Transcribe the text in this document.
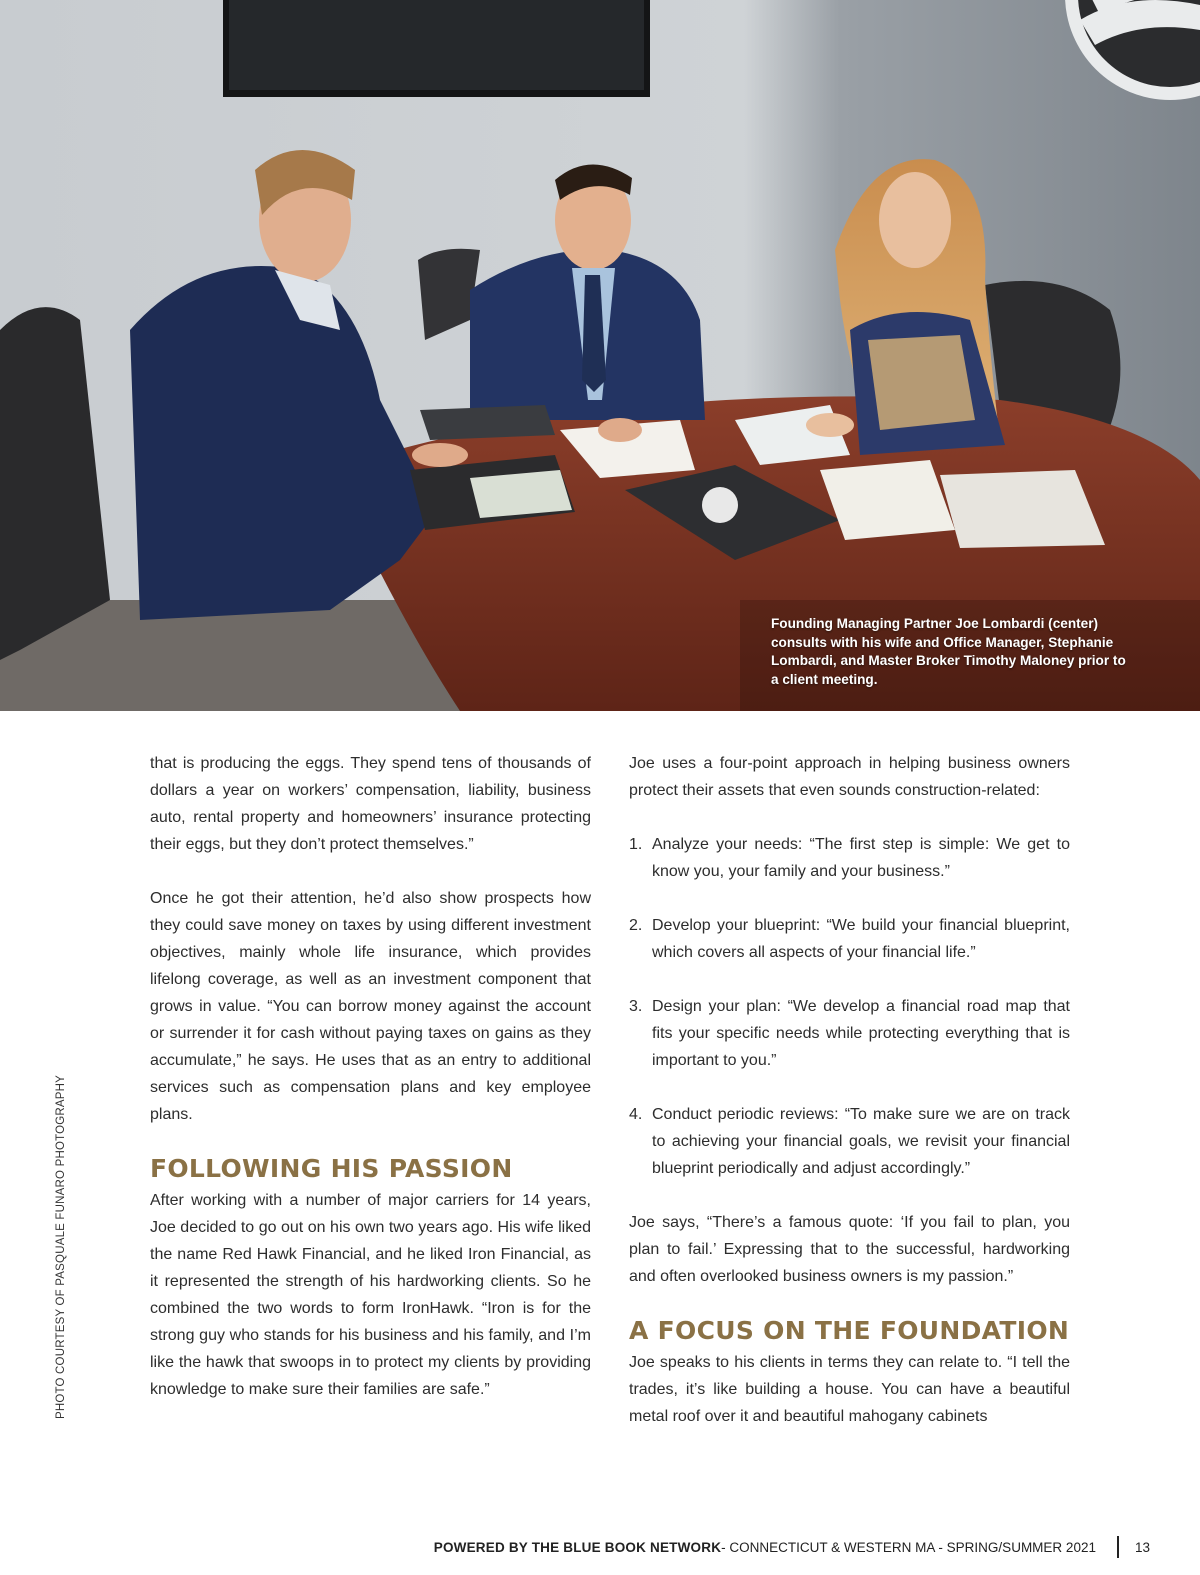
Founding Managing Partner Joe Lombardi (center) consults with his wife and Office Manager, Stephanie Lombardi, and Master Broker Timothy Maloney prior to a client meeting.
PHOTO COURTESY OF PASQUALE FUNARO PHOTOGRAPHY

that is producing the eggs. They spend tens of thousands of dollars a year on workers’ compensation, liability, business auto, rental property and homeowners’ insurance protecting their eggs, but they don’t protect themselves.”

Once he got their attention, he’d also show prospects how they could save money on taxes by using different investment objectives, mainly whole life insurance, which provides lifelong coverage, as well as an investment component that grows in value. “You can borrow money against the account or surrender it for cash without paying taxes on gains as they accumulate,” he says. He uses that as an entry to additional services such as compensation plans and key employee plans.

FOLLOWING HIS PASSION

After working with a number of major carriers for 14 years, Joe decided to go out on his own two years ago. His wife liked the name Red Hawk Financial, and he liked Iron Financial, as it represented the strength of his hardworking clients. So he combined the two words to form IronHawk. “Iron is for the strong guy who stands for his business and his family, and I’m like the hawk that swoops in to protect my clients by providing knowledge to make sure their families are safe.”

Joe uses a four-point approach in helping business owners protect their assets that even sounds construction-related:

1. Analyze your needs: “The first step is simple: We get to know you, your family and your business.”
2. Develop your blueprint: “We build your financial blueprint, which covers all aspects of your financial life.”
3. Design your plan: “We develop a financial road map that fits your specific needs while protecting everything that is important to you.”
4. Conduct periodic reviews: “To make sure we are on track to achieving your financial goals, we revisit your financial blueprint periodically and adjust accordingly.”

Joe says, “There’s a famous quote: ‘If you fail to plan, you plan to fail.’ Expressing that to the successful, hardworking and often overlooked business owners is my passion.”

A FOCUS ON THE FOUNDATION

Joe speaks to his clients in terms they can relate to. “I tell the trades, it’s like building a house. You can have a beautiful metal roof over it and beautiful mahogany cabinets

POWERED BY THE BLUE BOOK NETWORK - CONNECTICUT & WESTERN MA - SPRING/SUMMER 2021	13
